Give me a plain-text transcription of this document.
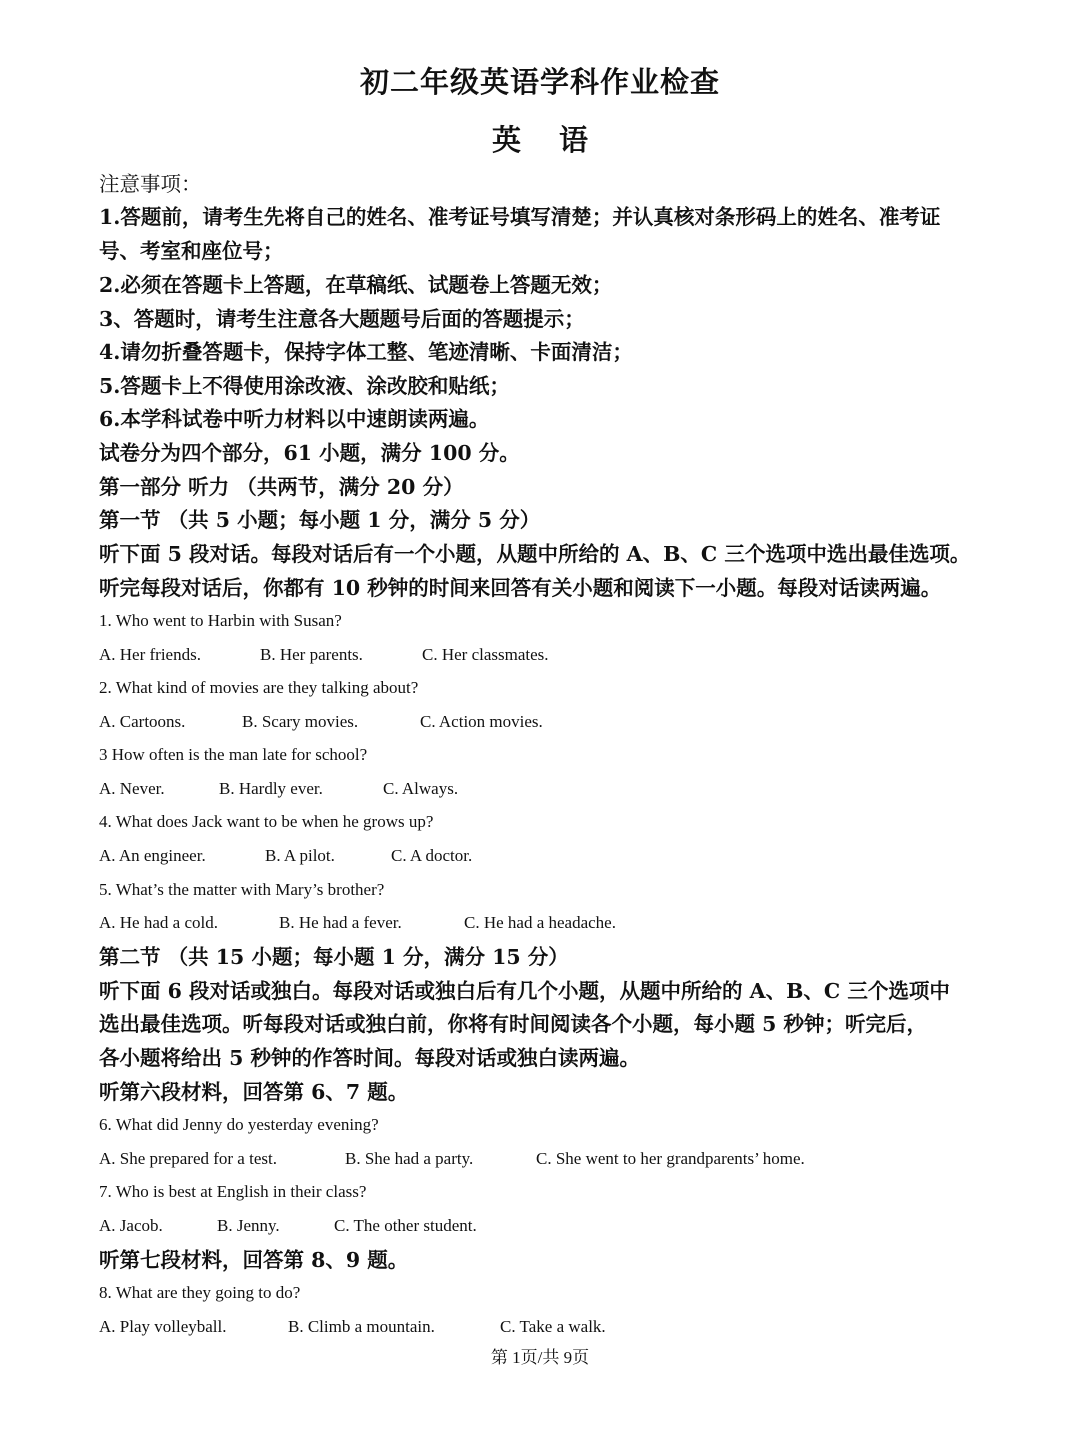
初二年级英语学科作业检查
英 语
注意事项：
1.答题前，请考生先将自己的姓名、准考证号填写清楚；并认真核对条形码上的姓名、准考证
号、考室和座位号；
2.必须在答题卡上答题，在草稿纸、试题卷上答题无效；
3、答题时，请考生注意各大题题号后面的答题提示；
4.请勿折叠答题卡，保持字体工整、笔迹清晰、卡面清洁；
5.答题卡上不得使用涂改液、涂改胶和贴纸；
6.本学科试卷中听力材料以中速朗读两遍。
试卷分为四个部分，61 小题，满分 100 分。
第一部分 听力 （共两节，满分 20 分）
第一节 （共 5 小题；每小题 1 分，满分 5 分）
听下面 5 段对话。每段对话后有一个小题，从题中所给的 A、B、C 三个选项中选出最佳选项。
听完每段对话后，你都有 10 秒钟的时间来回答有关小题和阅读下一小题。每段对话读两遍。
1. Who went to Harbin with Susan?
A. Her friends.	B. Her parents.	C. Her classmates.
2. What kind of movies are they talking about?
A. Cartoons.	B. Scary movies.	C. Action movies.
3 How often is the man late for school?
A. Never.	B. Hardly ever.	C. Always.
4. What does Jack want to be when he grows up?
A. An engineer.	B. A pilot.	C. A doctor.
5. What’s the matter with Mary’s brother?
A. He had a cold.	B. He had a fever.	C. He had a headache.
第二节 （共 15 小题；每小题 1 分，满分 15 分）
听下面 6 段对话或独白。每段对话或独白后有几个小题，从题中所给的 A、B、C 三个选项中
选出最佳选项。听每段对话或独白前，你将有时间阅读各个小题，每小题 5 秒钟；听完后，
各小题将给出 5 秒钟的作答时间。每段对话或独白读两遍。
听第六段材料，回答第 6、7 题。
6. What did Jenny do yesterday evening?
A. She prepared for a test.	B. She had a party.	C. She went to her grandparents’ home.
7. Who is best at English in their class?
A. Jacob.	B. Jenny.	C. The other student.
听第七段材料，回答第 8、9 题。
8. What are they going to do?
A. Play volleyball.	B. Climb a mountain.	C. Take a walk.
第 1页/共 9页
